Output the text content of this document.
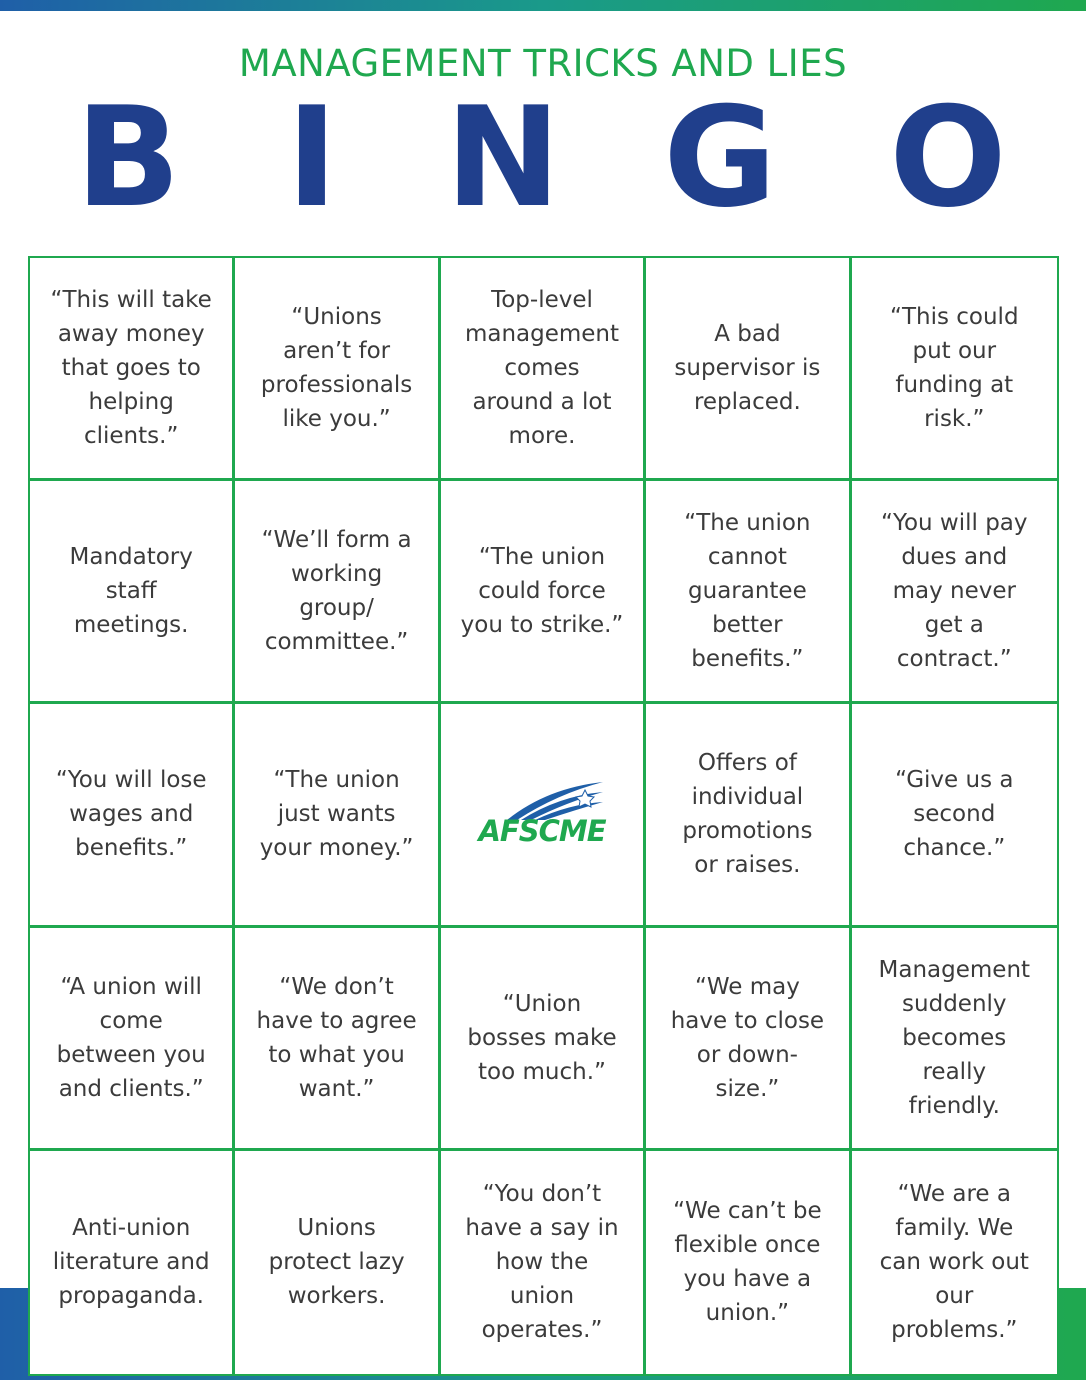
MANAGEMENT TRICKS AND LIES
B I N G O
“This will take
away money
that goes to
helping
clients.”
“Unions
aren’t for
professionals
like you.”
Top-level
management
comes
around a lot
more.
A bad
supervisor is
replaced.
“This could
put our
funding at
risk.”
Mandatory
staff
meetings.
“We’ll form a
working
group/
committee.”
“The union
could force
you to strike.”
“The union
cannot
guarantee
better
benefits.”
“You will pay
dues and
may never
get a
contract.”
“You will lose
wages and
benefits.”
“The union
just wants
your money.” AFSCME
Offers of
individual
promotions
or raises.
“Give us a
second
chance.”
“A union will
come
between you
and clients.”
“We don’t
have to agree
to what you
want.”
“Union
bosses make
too much.”
“We may
have to close
or down-
size.”
Management
suddenly
becomes
really
friendly.
Anti-union
literature and
propaganda.
Unions
protect lazy
workers.
“You don’t
have a say in
how the
union
operates.”
“We can’t be
flexible once
you have a
union.”
“We are a
family. We
can work out
our
problems.”
